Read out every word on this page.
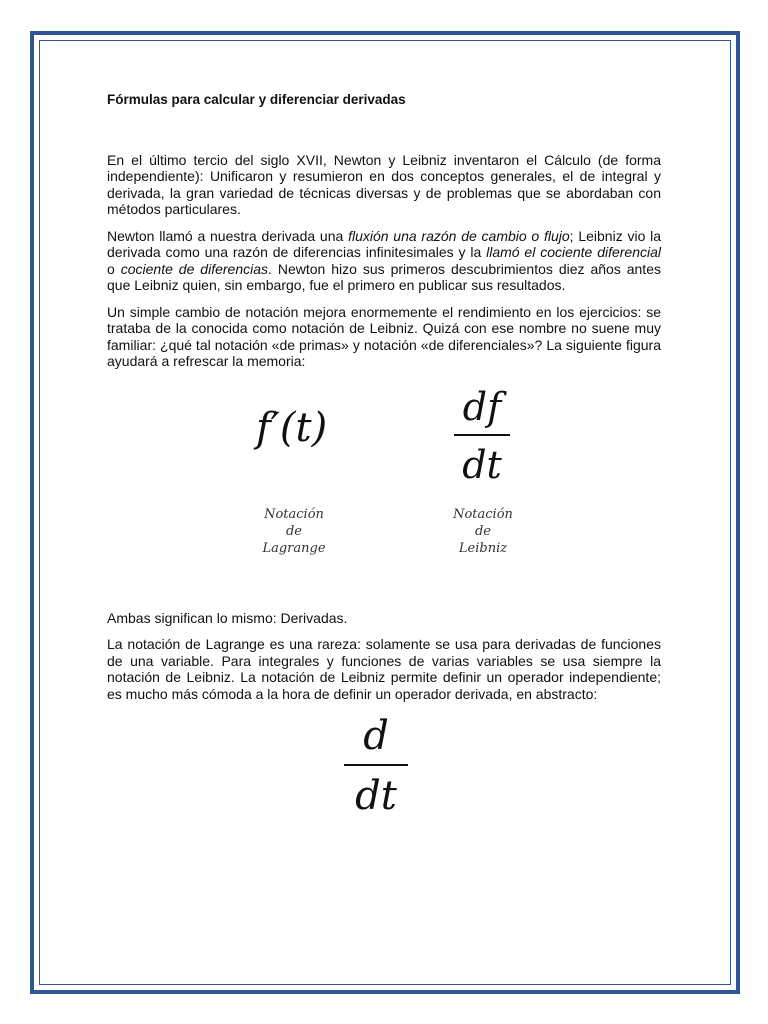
Fórmulas para calcular y diferenciar derivadas

En el último tercio del siglo XVII, Newton y Leibniz inventaron el Cálculo (de forma independiente): Unificaron y resumieron en dos conceptos generales, el de integral y derivada, la gran variedad de técnicas diversas y de problemas que se abordaban con métodos particulares.

Newton llamó a nuestra derivada una fluxión una razón de cambio o flujo; Leibniz vio la derivada como una razón de diferencias infinitesimales y la llamó el cociente diferencial o cociente de diferencias. Newton hizo sus primeros descubrimientos diez años antes que Leibniz quien, sin embargo, fue el primero en publicar sus resultados.

Un simple cambio de notación mejora enormemente el rendimiento en los ejercicios: se trataba de la conocida como notación de Leibniz. Quizá con ese nombre no suene muy familiar: ¿qué tal notación «de primas» y notación «de diferenciales»? La siguiente figura ayudará a refrescar la memoria:

f′(t)	df
dt
Notación
de
Lagrange
Notación
de
Leibniz

Ambas significan lo mismo: Derivadas.

La notación de Lagrange es una rareza: solamente se usa para derivadas de funciones de una variable. Para integrales y funciones de varias variables se usa siempre la notación de Leibniz. La notación de Leibniz permite definir un operador independiente; es mucho más cómoda a la hora de definir un operador derivada, en abstracto:

d
dt
